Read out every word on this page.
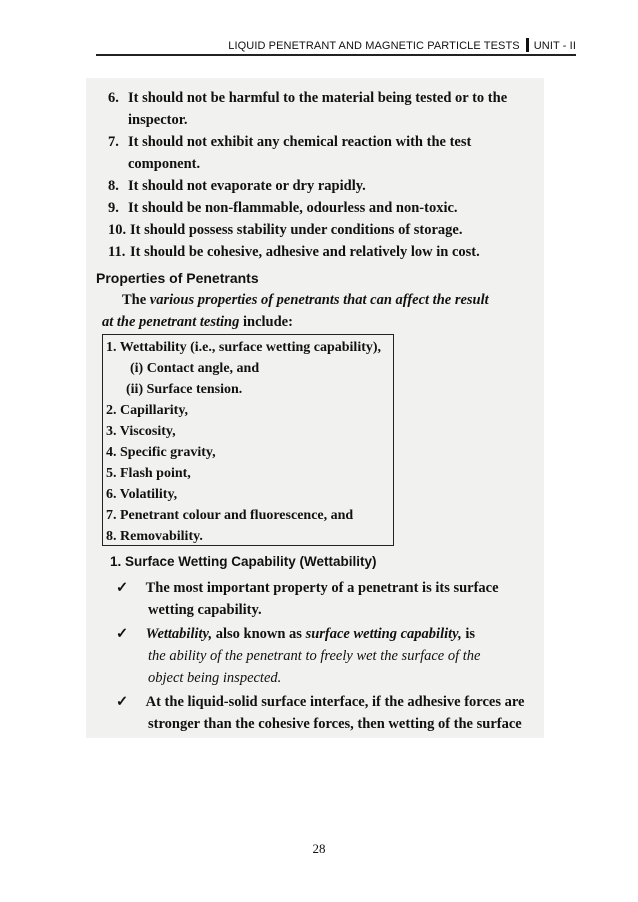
LIQUID PENETRANT AND MAGNETIC PARTICLE TESTS UNIT - II
6. It should not be harmful to the material being tested or to the
inspector.
7. It should not exhibit any chemical reaction with the test
component.
8. It should not evaporate or dry rapidly.
9. It should be non-flammable, odourless and non-toxic.
10. It should possess stability under conditions of storage.
11. It should be cohesive, adhesive and relatively low in cost.
Properties of Penetrants
The various properties of penetrants that can affect the result
at the penetrant testing include:
1. Wettability (i.e., surface wetting capability),
(i) Contact angle, and
(ii) Surface tension.
2. Capillarity,
3. Viscosity,
4. Specific gravity,
5. Flash point,
6. Volatility,
7. Penetrant colour and fluorescence, and
8. Removability.
1. Surface Wetting Capability (Wettability)
✓ The most important property of a penetrant is its surface
wetting capability.
✓ Wettability, also known as surface wetting capability, is
the ability of the penetrant to freely wet the surface of the
object being inspected.
✓ At the liquid-solid surface interface, if the adhesive forces are
stronger than the cohesive forces, then wetting of the surface
28
